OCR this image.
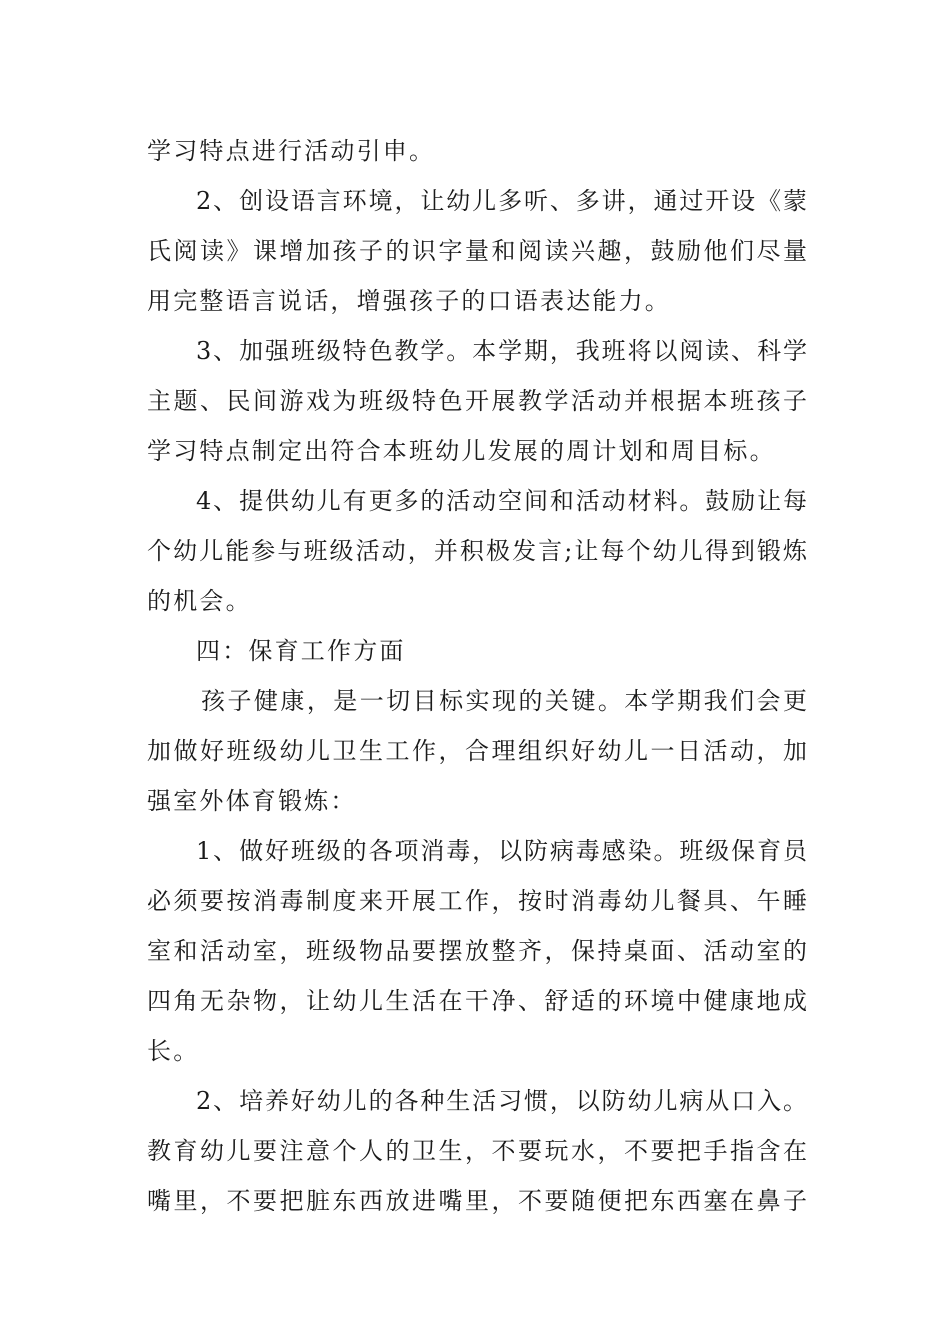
学习特点进行活动引申。
2、创设语言环境，让幼儿多听、多讲，通过开设《蒙
氏阅读》课增加孩子的识字量和阅读兴趣，鼓励他们尽量
用完整语言说话，增强孩子的口语表达能力。
3、加强班级特色教学。本学期，我班将以阅读、科学
主题、民间游戏为班级特色开展教学活动并根据本班孩子
学习特点制定出符合本班幼儿发展的周计划和周目标。
4、提供幼儿有更多的活动空间和活动材料。鼓励让每
个幼儿能参与班级活动，并积极发言;让每个幼儿得到锻炼
的机会。
四：保育工作方面
孩子健康，是一切目标实现的关键。本学期我们会更
加做好班级幼儿卫生工作，合理组织好幼儿一日活动，加
强室外体育锻炼：
1、做好班级的各项消毒，以防病毒感染。班级保育员
必须要按消毒制度来开展工作，按时消毒幼儿餐具、午睡
室和活动室，班级物品要摆放整齐，保持桌面、活动室的
四角无杂物，让幼儿生活在干净、舒适的环境中健康地成
长。
2、培养好幼儿的各种生活习惯，以防幼儿病从口入。
教育幼儿要注意个人的卫生，不要玩水，不要把手指含在
嘴里，不要把脏东西放进嘴里，不要随便把东西塞在鼻子
